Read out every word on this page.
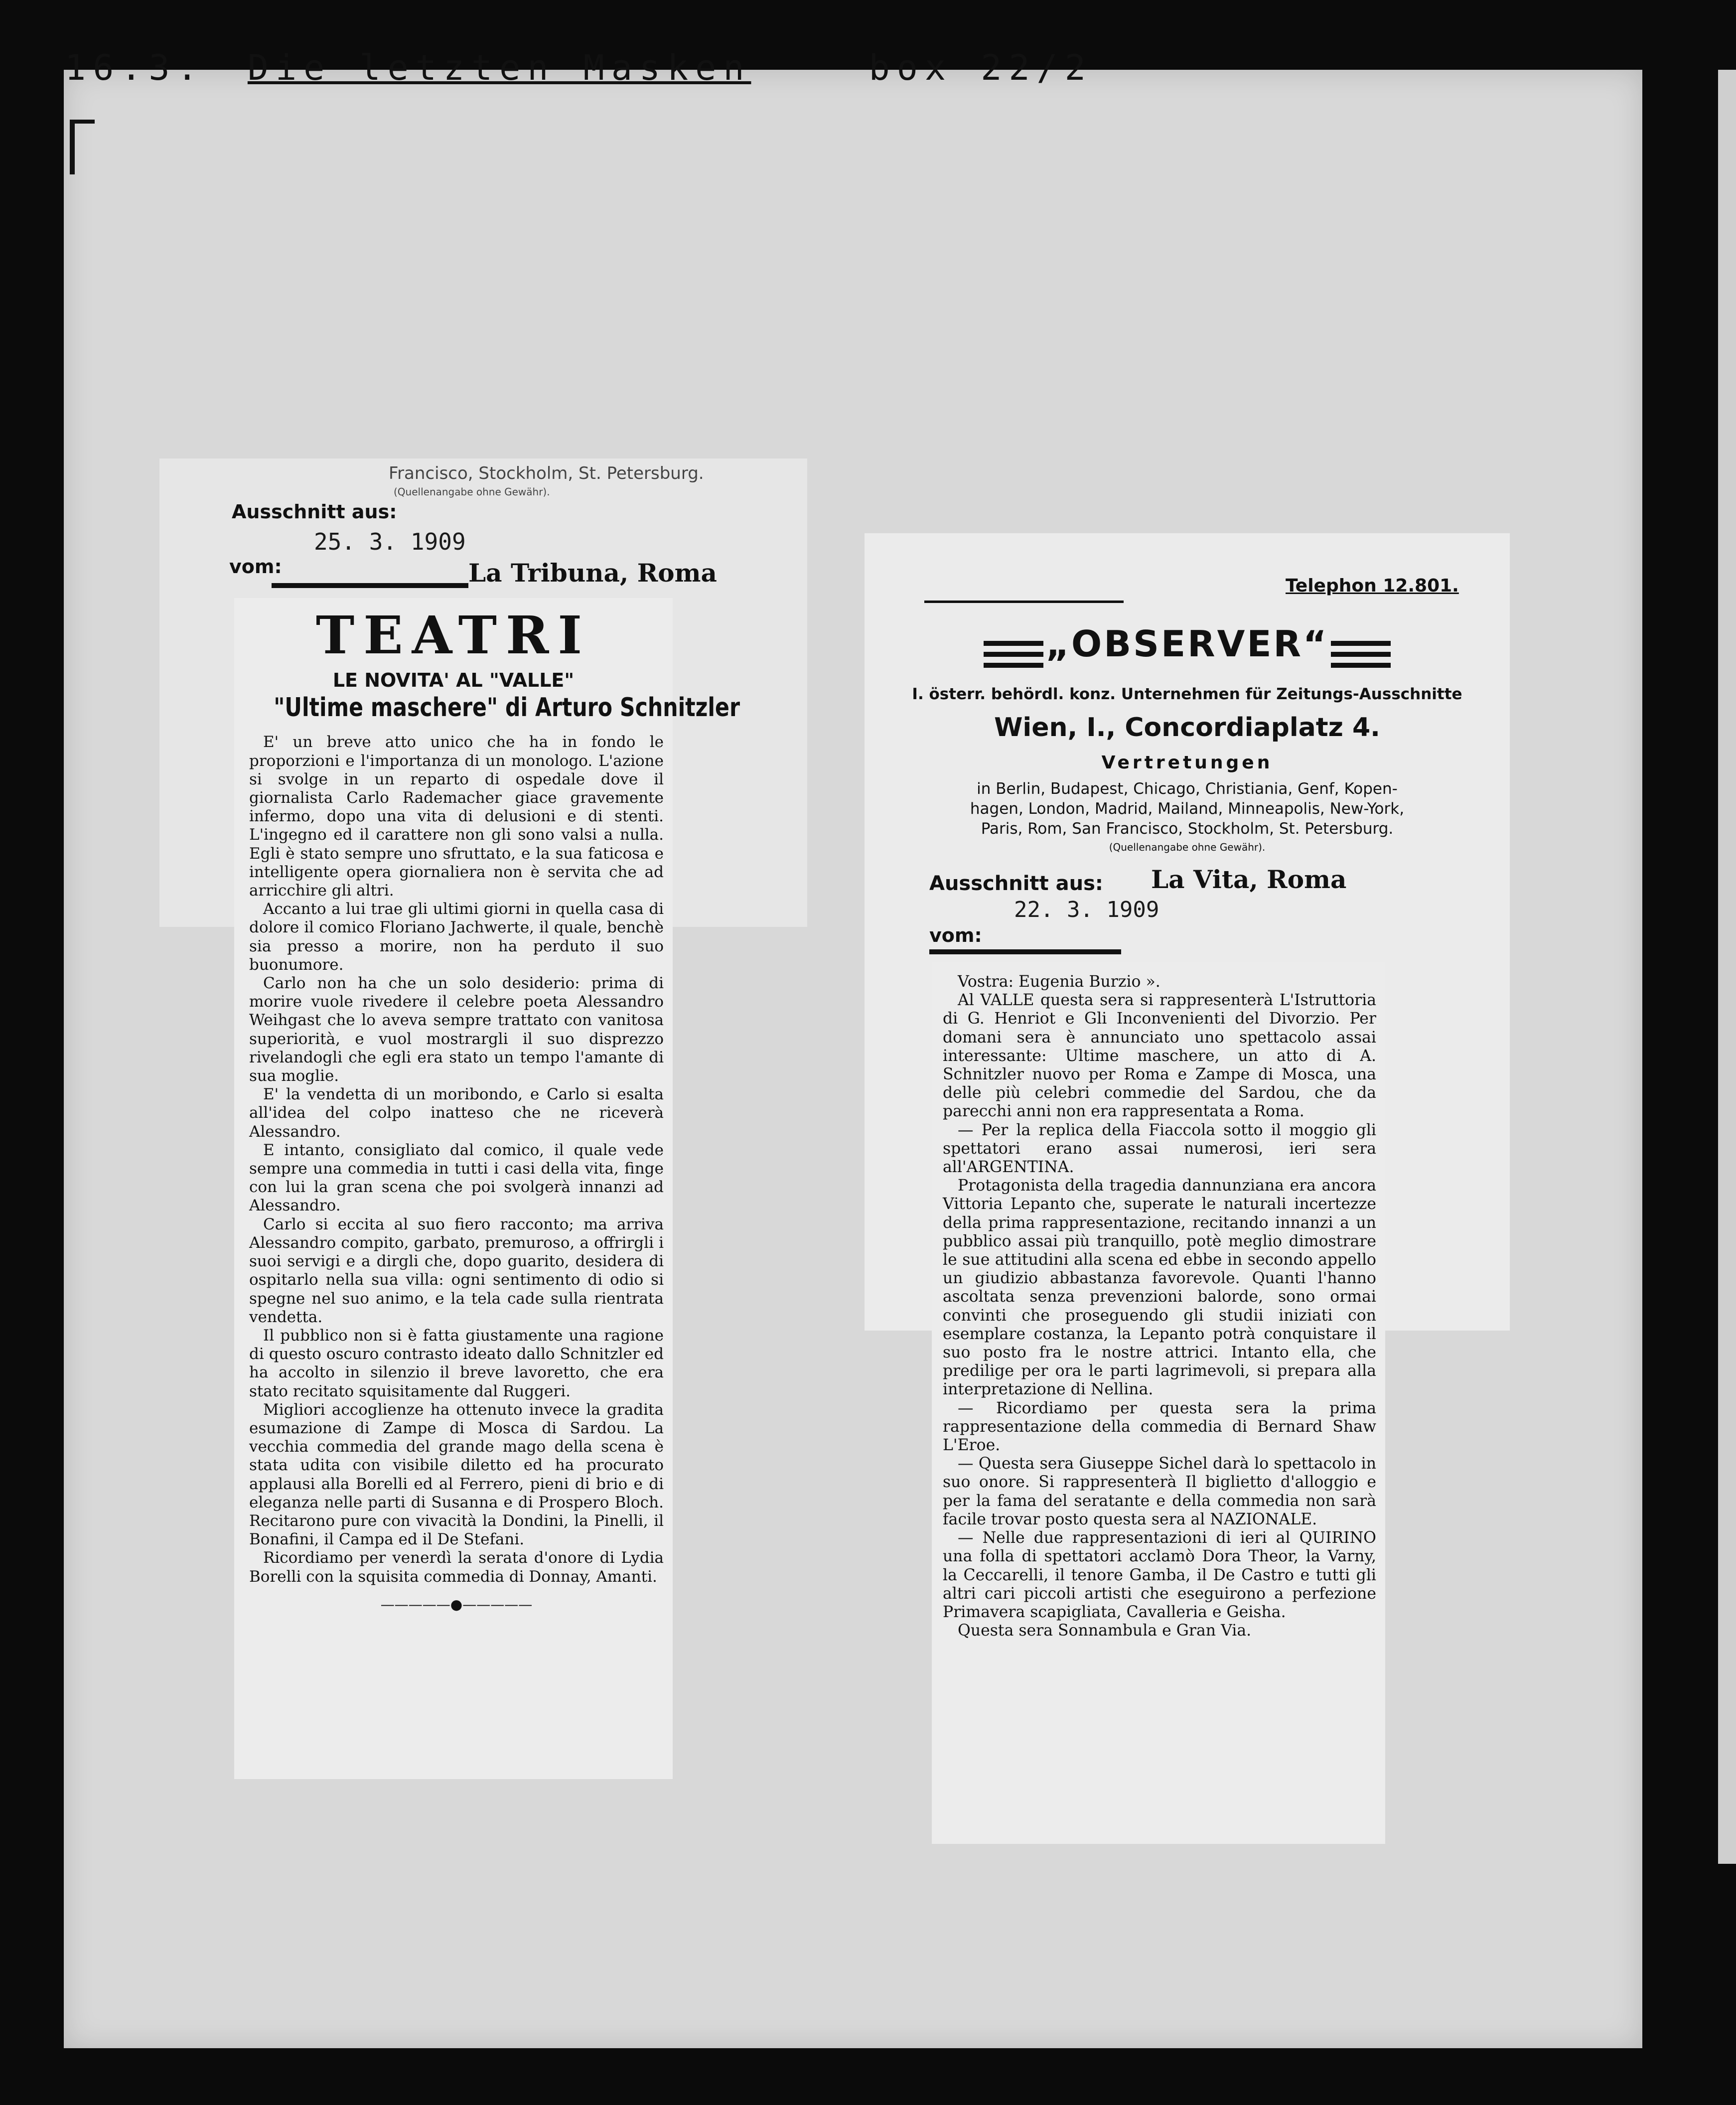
16.3. Die letzten Masken	box 22/2
Francisco, Stockholm, St. Petersburg.
(Quellenangabe ohne Gewähr).
Ausschnitt aus:
25. 3. 1909
vom:	La Tribuna, Roma
TEATRI
LE NOVITA' AL "VALLE"
"Ultime maschere" di Arturo Schnitzler

E' un breve atto unico che ha in fondo le proporzioni e l'importanza di un monologo. L'azione si svolge in un reparto di ospedale dove il giornalista Carlo Rademacher giace gravemente infermo, dopo una vita di delusioni e di stenti. L'ingegno ed il carattere non gli sono valsi a nulla. Egli è stato sempre uno sfruttato, e la sua faticosa e intelligente opera giornaliera non è servita che ad arricchire gli altri.

Accanto a lui trae gli ultimi giorni in quella casa di dolore il comico Floriano Jachwerte, il quale, benchè sia presso a morire, non ha perduto il suo buonumore.

Carlo non ha che un solo desiderio: prima di morire vuole rivedere il celebre poeta Alessandro Weihgast che lo aveva sempre trattato con vanitosa superiorità, e vuol mostrargli il suo disprezzo rivelandogli che egli era stato un tempo l'amante di sua moglie.

E' la vendetta di un moribondo, e Carlo si esalta all'idea del colpo inatteso che ne riceverà Alessandro.

E intanto, consigliato dal comico, il quale vede sempre una commedia in tutti i casi della vita, finge con lui la gran scena che poi svolgerà innanzi ad Alessandro.

Carlo si eccita al suo fiero racconto; ma arriva Alessandro compito, garbato, premuroso, a offrirgli i suoi servigi e a dirgli che, dopo guarito, desidera di ospitarlo nella sua villa: ogni sentimento di odio si spegne nel suo animo, e la tela cade sulla rientrata vendetta.

Il pubblico non si è fatta giustamente una ragione di questo oscuro contrasto ideato dallo Schnitzler ed ha accolto in silenzio il breve lavoretto, che era stato recitato squisitamente dal Ruggeri.

Migliori accoglienze ha ottenuto invece la gradita esumazione di Zampe di Mosca di Sardou. La vecchia commedia del grande mago della scena è stata udita con visibile diletto ed ha procurato applausi alla Borelli ed al Ferrero, pieni di brio e di eleganza nelle parti di Susanna e di Prospero Bloch. Recitarono pure con vivacità la Dondini, la Pinelli, il Bonafini, il Campa ed il De Stefani.

Ricordiamo per venerdì la serata d'onore di Lydia Borelli con la squisita commedia di Donnay, Amanti.

—————●—————
Telephon 12.801.
„OBSERVER“
I. österr. behördl. konz. Unternehmen für Zeitungs-Ausschnitte
Wien, I., Concordiaplatz 4.
Vertretungen
in Berlin, Budapest, Chicago, Christiania, Genf, Kopen-
hagen, London, Madrid, Mailand, Minneapolis, New-York,
Paris, Rom, San Francisco, Stockholm, St. Petersburg.
(Quellenangabe ohne Gewähr).
Ausschnitt aus: La Vita, Roma
22. 3. 1909
vom:

Vostra: Eugenia Burzio ».

Al VALLE questa sera si rappresenterà L'Istruttoria di G. Henriot e Gli Inconvenienti del Divorzio. Per domani sera è annunciato uno spettacolo assai interessante: Ultime maschere, un atto di A. Schnitzler nuovo per Roma e Zampe di Mosca, una delle più celebri commedie del Sardou, che da parecchi anni non era rappresentata a Roma.

— Per la replica della Fiaccola sotto il moggio gli spettatori erano assai numerosi, ieri sera all'ARGENTINA.

Protagonista della tragedia dannunziana era ancora Vittoria Lepanto che, superate le naturali incertezze della prima rappresentazione, recitando innanzi a un pubblico assai più tranquillo, potè meglio dimostrare le sue attitudini alla scena ed ebbe in secondo appello un giudizio abbastanza favorevole. Quanti l'hanno ascoltata senza prevenzioni balorde, sono ormai convinti che proseguendo gli studii iniziati con esemplare costanza, la Lepanto potrà conquistare il suo posto fra le nostre attrici. Intanto ella, che predilige per ora le parti lagrimevoli, si prepara alla interpretazione di Nellina.

— Ricordiamo per questa sera la prima rappresentazione della commedia di Bernard Shaw L'Eroe.

— Questa sera Giuseppe Sichel darà lo spettacolo in suo onore. Si rappresenterà Il biglietto d'alloggio e per la fama del seratante e della commedia non sarà facile trovar posto questa sera al NAZIONALE.

— Nelle due rappresentazioni di ieri al QUIRINO una folla di spettatori acclamò Dora Theor, la Varny, la Ceccarelli, il tenore Gamba, il De Castro e tutti gli altri cari piccoli artisti che eseguirono a perfezione Primavera scapigliata, Cavalleria e Geisha.

Questa sera Sonnambula e Gran Via.
